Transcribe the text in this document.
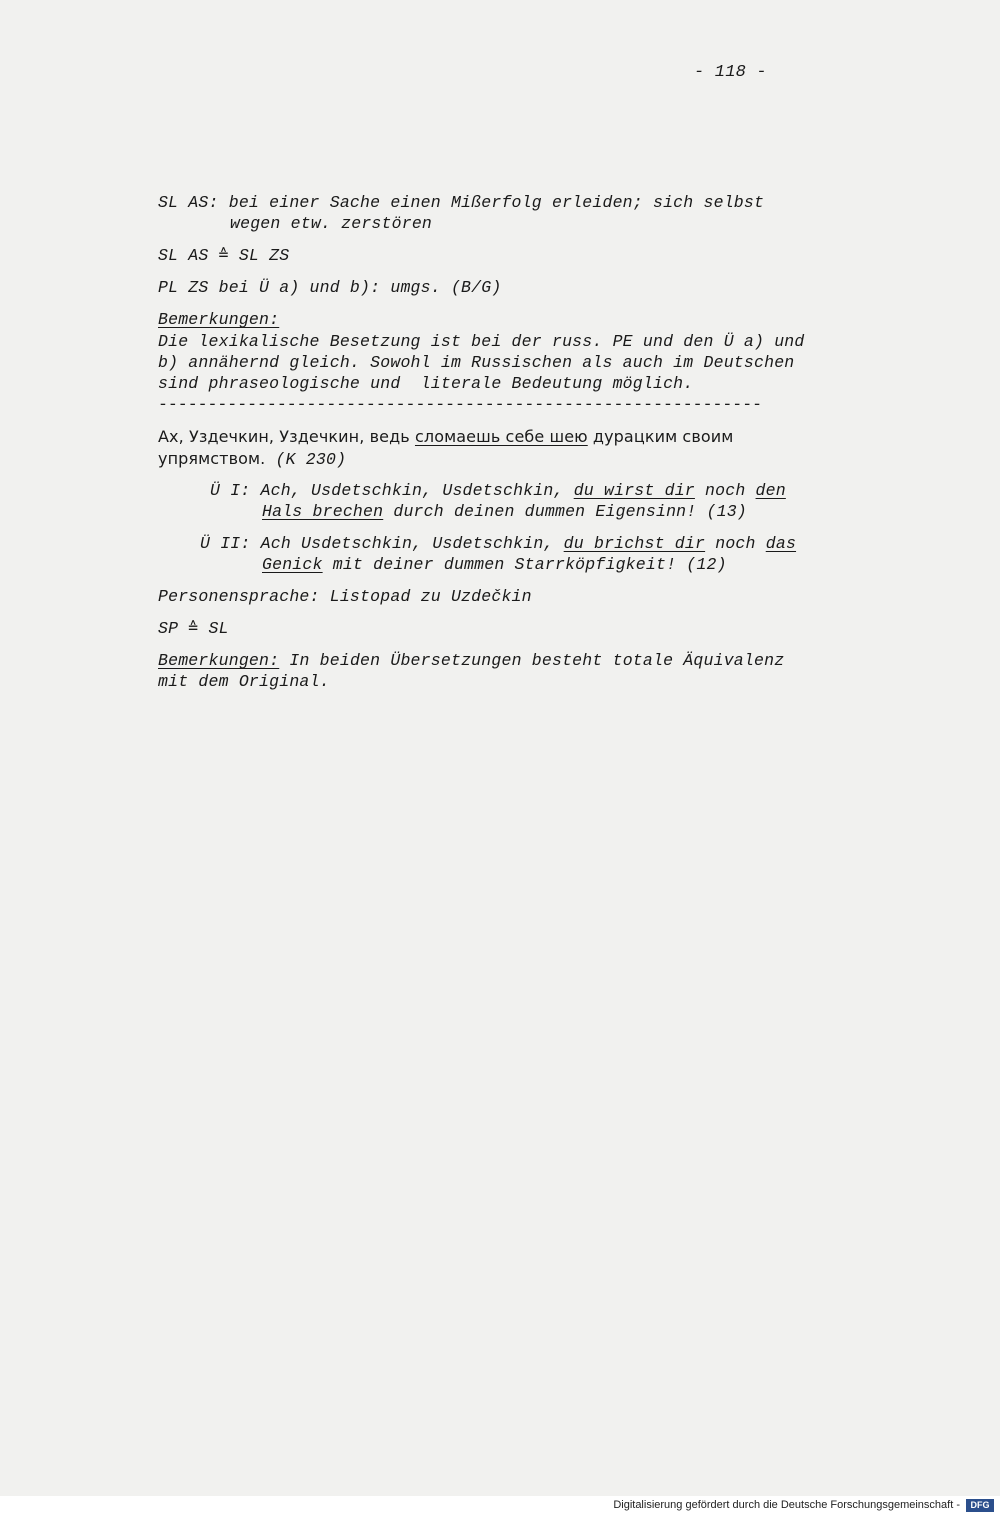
- 118 -
SL AS: bei einer Sache einen Mißerfolg erleiden; sich selbst
wegen etw. zerstören
SL AS ≙ SL ZS
PL ZS bei Ü a) und b): umgs. (B/G)
Bemerkungen:
Die lexikalische Besetzung ist bei der russ. PE und den Ü a) und
b) annähernd gleich. Sowohl im Russischen als auch im Deutschen
sind phraseologische und  literale Bedeutung möglich.
-------------------------------------------------------------
Ах, Уздечкин, Уздечкин, ведь сломаешь себе шею дурацким своим
упрямством. (K 230)
Ü I: Ach, Usdetschkin, Usdetschkin, du wirst dir noch den
Hals brechen durch deinen dummen Eigensinn! (13)
Ü II: Ach Usdetschkin, Usdetschkin, du brichst dir noch das
Genick mit deiner dummen Starrköpfigkeit! (12)
Personensprache: Listopad zu Uzdečkin
SP ≙ SL
Bemerkungen: In beiden Übersetzungen besteht totale Äquivalenz
mit dem Original.
Digitalisierung gefördert durch die Deutsche Forschungsgemeinschaft -	DFG
